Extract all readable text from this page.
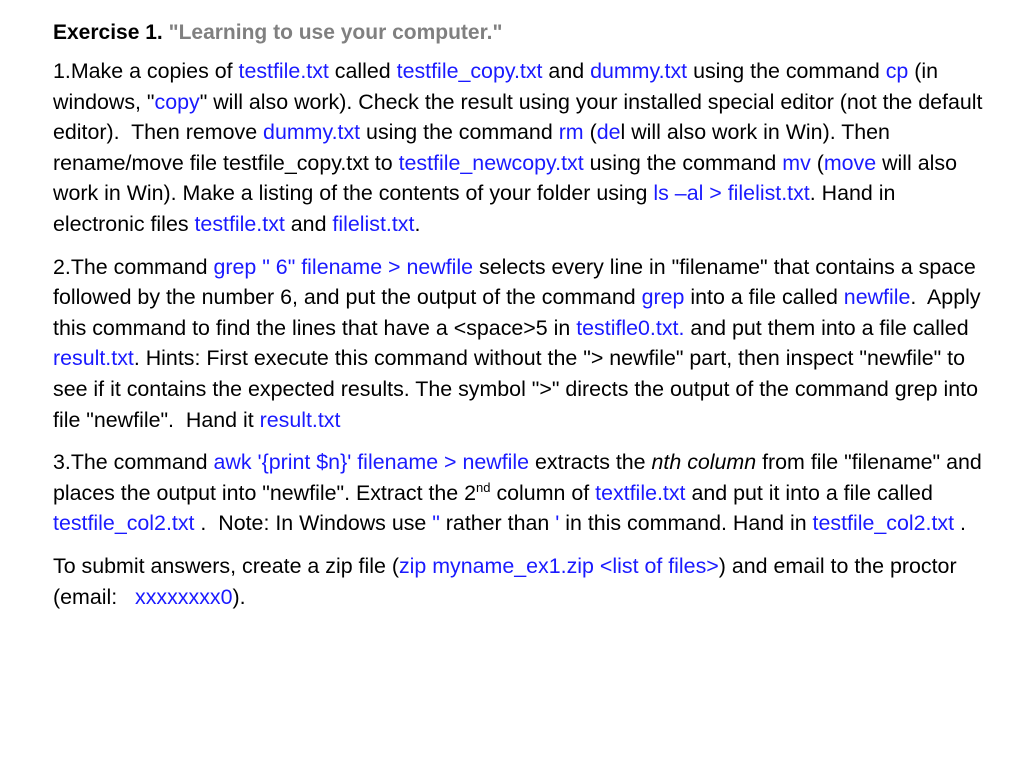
Exercise 1. "Learning to use your computer."
1.Make a copies of testfile.txt called testfile_copy.txt and dummy.txt using the command cp (in windows, "copy" will also work). Check the result using your installed special editor (not the default editor).  Then remove dummy.txt using the command rm (del will also work in Win). Then rename/move file testfile_copy.txt to testfile_newcopy.txt using the command mv (move will also work in Win). Make a listing of the contents of your folder using ls –al > filelist.txt. Hand in electronic files testfile.txt and filelist.txt.
2.The command grep " 6" filename > newfile selects every line in "filename" that contains a space followed by the number 6, and put the output of the command grep into a file called newfile.  Apply this command to find the lines that have a <space>5 in testifle0.txt. and put them into a file called result.txt. Hints: First execute this command without the "> newfile" part, then inspect "newfile" to see if it contains the expected results. The symbol ">" directs the output of the command grep into file "newfile".  Hand it result.txt
3.The command awk '{print $n}' filename > newfile extracts the nth column from file "filename" and places the output into "newfile". Extract the 2nd column of textfile.txt and put it into a file called testfile_col2.txt .  Note: In Windows use " rather than ' in this command. Hand in testfile_col2.txt .
To submit answers, create a zip file (zip myname_ex1.zip <list of files>) and email to the proctor (email:   xxxxxxxx0).
